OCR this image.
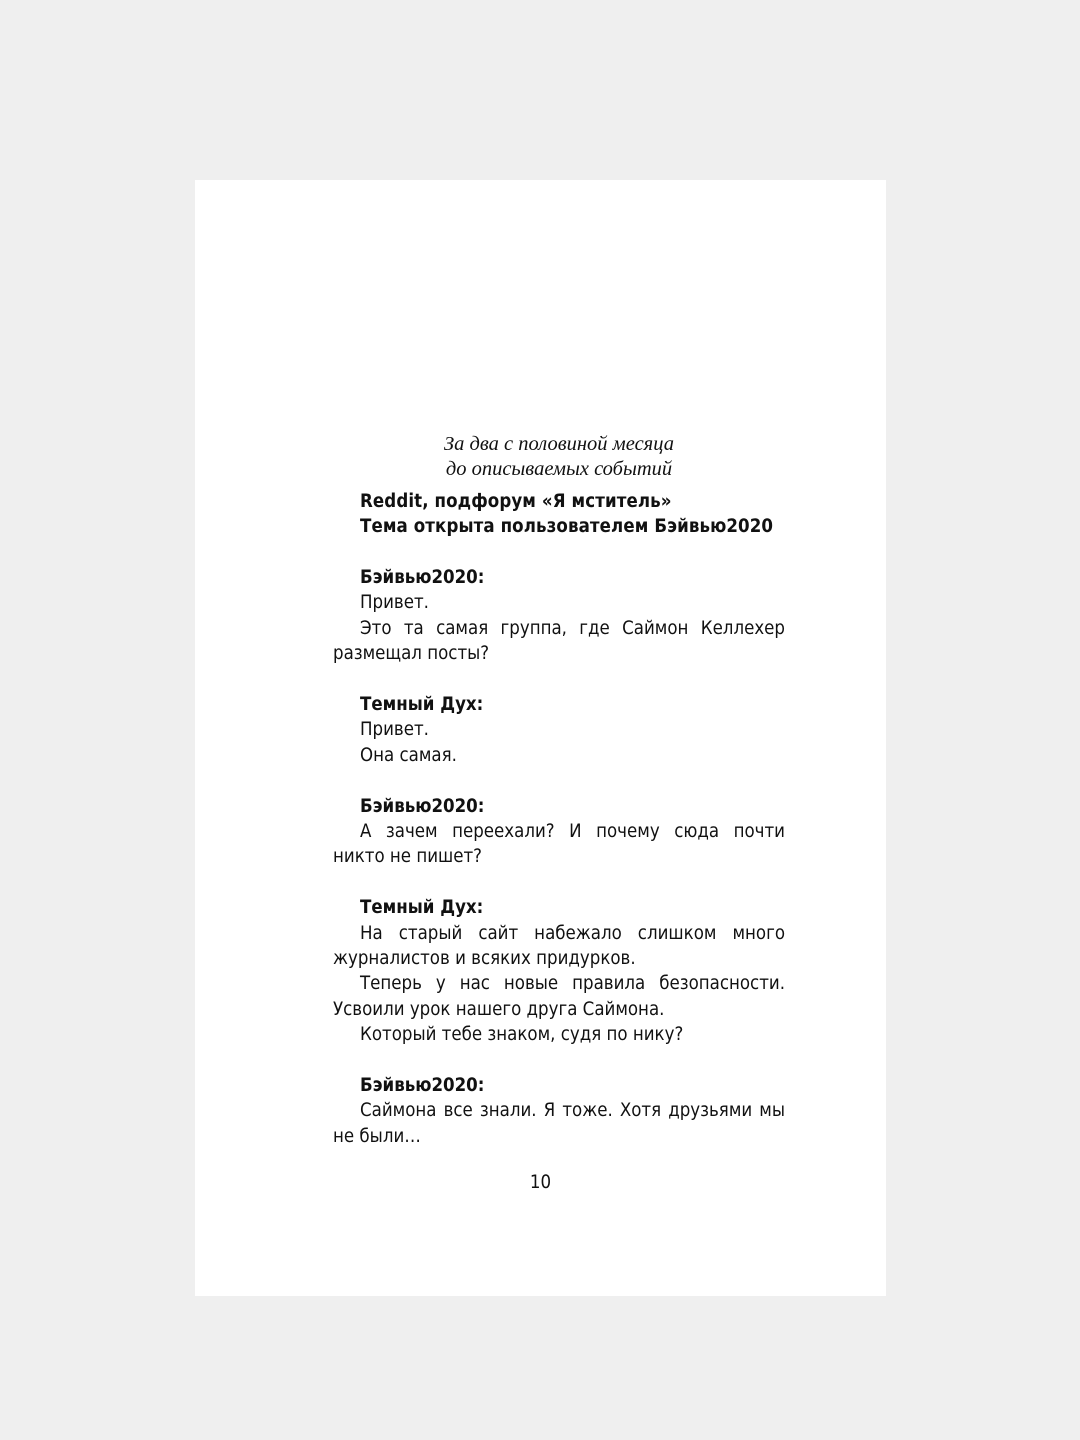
За два с половиной месяца
до описываемых событий

Reddit, подфорум «Я мститель»

Тема открыта пользователем Бэйвью2020

Бэйвью2020:

Привет.

Это та самая группа, где Саймон Келлехер размещал посты?

Темный Дух:

Привет.

Она самая.

Бэйвью2020:

А зачем переехали? И почему сюда почти никто не пишет?

Темный Дух:

На старый сайт набежало слишком много журналистов и всяких придурков.

Теперь у нас новые правила безопасности. Усвоили урок нашего друга Саймона.

Который тебе знаком, судя по нику?

Бэйвью2020:

Саймона все знали. Я тоже. Хотя друзьями мы не были…

10
